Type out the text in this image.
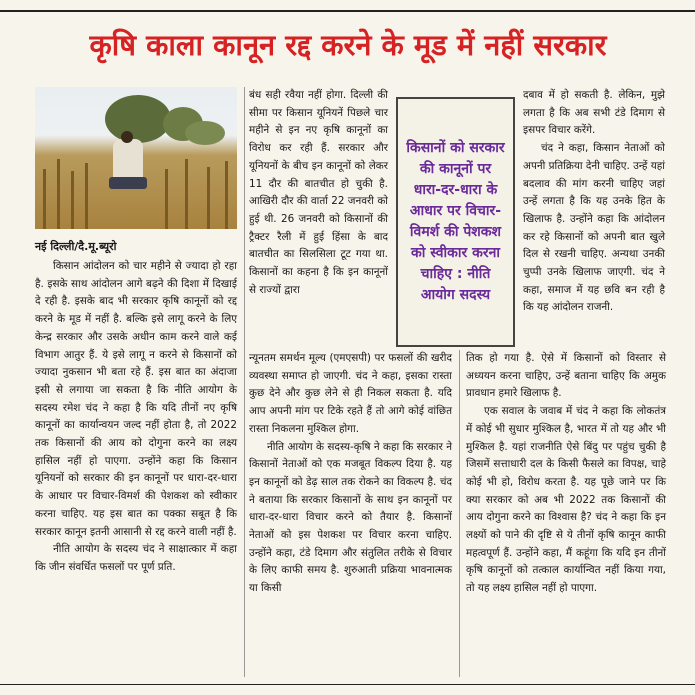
कृषि काला कानून रद्द करने के मूड में नहीं सरकार

नई दिल्ली/दै.मू.ब्यूरो

किसान आंदोलन को चार महीने से ज्यादा हो रहा है. इसके साथ आंदोलन आगे बढ़ने की दिशा में दिखाई दे रही है. इसके बाद भी सरकार कृषि कानूनों को रद्द करने के मूड में नहीं है. बल्कि इसे लागू करने के लिए केन्द्र सरकार और उसके अधीन काम करने वाले कई विभाग आतुर हैं. ये इसे लागू न करने से किसानों को ज्यादा नुकसान भी बता रहे हैं. इस बात का अंदाजा इसी से लगाया जा सकता है कि नीति आयोग के सदस्य रमेश चंद ने कहा है कि यदि तीनों नए कृषि कानूनों का कार्यान्वयन जल्द नहीं होता है, तो 2022 तक किसानों की आय को दोगुना करने का लक्ष्य हासिल नहीं हो पाएगा. उन्होंने कहा कि किसान यूनियनों को सरकार की इन कानूनों पर धारा-दर-धारा के आधार पर विचार-विमर्श की पेशकश को स्वीकार करना चाहिए. यह इस बात का पक्का सबूत है कि सरकार कानून इतनी आसानी से रद्द करने वाली नहीं है.

नीति आयोग के सदस्य चंद ने साक्षात्कार में कहा कि जीन संवर्धित फसलों पर पूर्ण प्रति.

बंध सही रवैया नहीं होगा. दिल्ली की सीमा पर किसान यूनियनें पिछले चार महीने से इन नए कृषि कानूनों का विरोध कर रही हैं. सरकार और यूनियनों के बीच इन कानूनों को लेकर 11 दौर की बातचीत हो चुकी है. आखिरी दौर की वार्ता 22 जनवरी को हुई थी. 26 जनवरी को किसानों की ट्रैक्टर रैली में हुई हिंसा के बाद बातचीत का सिलसिला टूट गया था. किसानों का कहना है कि इन कानूनों से राज्यों द्वारा

किसानों को सरकार की कानूनों पर धारा-दर-धारा के आधार पर विचार-विमर्श की पेशकश को स्वीकार करना चाहिए : नीति आयोग सदस्य

दबाव में हो सकती है. लेकिन, मुझे लगता है कि अब सभी टंडे दिमाग से इसपर विचार करेंगे.

चंद ने कहा, किसान नेताओं को अपनी प्रतिक्रिया देनी चाहिए. उन्हें यहां बदलाव की मांग करनी चाहिए जहां उन्हें लगता है कि यह उनके हित के खिलाफ है. उन्होंने कहा कि आंदोलन कर रहे किसानों को अपनी बात खुले दिल से रखनी चाहिए. अन्यथा उनकी चुप्पी उनके खिलाफ जाएगी. चंद ने कहा, समाज में यह छवि बन रही है कि यह आंदोलन राजनी.

न्यूनतम समर्थन मूल्य (एमएसपी) पर फसलों की खरीद व्यवस्था समाप्त हो जाएगी. चंद ने कहा, इसका रास्ता कुछ देने और कुछ लेने से ही निकल सकता है. यदि आप अपनी मांग पर टिके रहते हैं तो आगे कोई वांछित रास्ता निकलना मुश्किल होगा.

नीति आयोग के सदस्य-कृषि ने कहा कि सरकार ने किसानों नेताओं को एक मजबूत विकल्प दिया है. यह इन कानूनों को डेढ़ साल तक रोकने का विकल्प है. चंद ने बताया कि सरकार किसानों के साथ इन कानूनों पर धारा-दर-धारा विचार करने को तैयार है. किसानों नेताओं को इस पेशकश पर विचार करना चाहिए. उन्होंने कहा, टंडे दिमाग और संतुलित तरीके से विचार के लिए काफी समय है. शुरुआती प्रक्रिया भावनात्मक या किसी

तिक हो गया है. ऐसे में किसानों को विस्तार से अध्ययन करना चाहिए, उन्हें बताना चाहिए कि अमुक प्रावधान हमारे खिलाफ है.

एक सवाल के जवाब में चंद ने कहा कि लोकतंत्र में कोई भी सुधार मुश्किल है, भारत में तो यह और भी मुश्किल है. यहां राजनीति ऐसे बिंदु पर पहुंच चुकी है जिसमें सत्ताधारी दल के किसी फैसले का विपक्ष, चाहे कोई भी हो, विरोध करता है. यह पूछे जाने पर कि क्या सरकार को अब भी 2022 तक किसानों की आय दोगुना करने का विश्वास है? चंद ने कहा कि इन लक्ष्यों को पाने की दृष्टि से ये तीनों कृषि कानून काफी महत्वपूर्ण हैं. उन्होंने कहा, मैं कहूंगा कि यदि इन तीनों कृषि कानूनों को तत्काल कार्यान्वित नहीं किया गया, तो यह लक्ष्य हासिल नहीं हो पाएगा.
